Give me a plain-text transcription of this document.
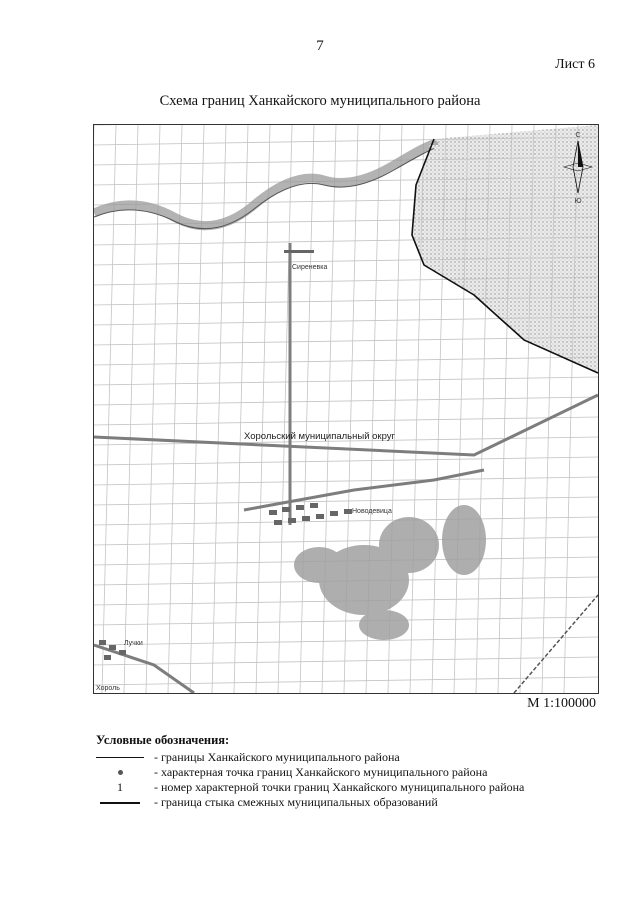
7
Лист 6
Схема границ Ханкайского муниципального района
С
Ю
Хорольский муниципальный округ
Сиреневка
Новодевица
Хороль
Лучки
М 1:100000
Условные обозначения:
- границы Ханкайского муниципального района
- характерная точка границ Ханкайского муниципального района
1	- номер характерной точки границ Ханкайского муниципального района
- граница стыка смежных муниципальных образований
